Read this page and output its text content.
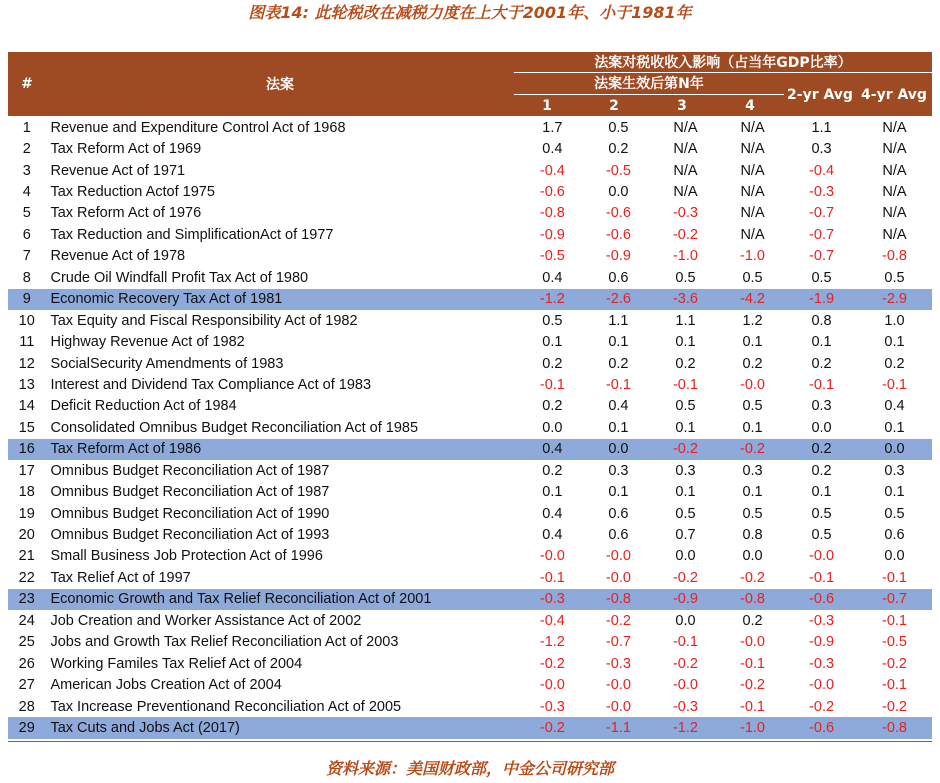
图表14: 此轮税改在减税力度在上大于2001年、小于1981年
#	法案
法案对税收收入影响（占当年GDP比率）
法案生效后第N年
1	2	3	4
2-yr Avg 4-yr Avg
1	Revenue and Expenditure Control Act of 1968	1.7	0.5	N/A	N/A	1.1	N/A
2	Tax Reform Act of 1969	0.4	0.2	N/A	N/A	0.3	N/A
3	Revenue Act of 1971	-0.4	-0.5	N/A	N/A	-0.4	N/A
4	Tax Reduction Actof 1975	-0.6	0.0	N/A	N/A	-0.3	N/A
5	Tax Reform Act of 1976	-0.8	-0.6	-0.3	N/A	-0.7	N/A
6	Tax Reduction and SimplificationAct of 1977	-0.9	-0.6	-0.2	N/A	-0.7	N/A
7	Revenue Act of 1978	-0.5	-0.9	-1.0	-1.0	-0.7	-0.8
8	Crude Oil Windfall Profit Tax Act of 1980	0.4	0.6	0.5	0.5	0.5	0.5
9	Economic Recovery Tax Act of 1981	-1.2	-2.6	-3.6	-4.2	-1.9	-2.9
10	Tax Equity and Fiscal Responsibility Act of 1982	0.5	1.1	1.1	1.2	0.8	1.0
11	Highway Revenue Act of 1982	0.1	0.1	0.1	0.1	0.1	0.1
12	SocialSecurity Amendments of 1983	0.2	0.2	0.2	0.2	0.2	0.2
13	Interest and Dividend Tax Compliance Act of 1983	-0.1	-0.1	-0.1	-0.0	-0.1	-0.1
14	Deficit Reduction Act of 1984	0.2	0.4	0.5	0.5	0.3	0.4
15	Consolidated Omnibus Budget Reconciliation Act of 1985	0.0	0.1	0.1	0.1	0.0	0.1
16	Tax Reform Act of 1986	0.4	0.0	-0.2	-0.2	0.2	0.0
17	Omnibus Budget Reconciliation Act of 1987	0.2	0.3	0.3	0.3	0.2	0.3
18	Omnibus Budget Reconciliation Act of 1987	0.1	0.1	0.1	0.1	0.1	0.1
19	Omnibus Budget Reconciliation Act of 1990	0.4	0.6	0.5	0.5	0.5	0.5
20	Omnibus Budget Reconciliation Act of 1993	0.4	0.6	0.7	0.8	0.5	0.6
21	Small Business Job Protection Act of 1996	-0.0	-0.0	0.0	0.0	-0.0	0.0
22	Tax Relief Act of 1997	-0.1	-0.0	-0.2	-0.2	-0.1	-0.1
23	Economic Growth and Tax Relief Reconciliation Act of 2001	-0.3	-0.8	-0.9	-0.8	-0.6	-0.7
24	Job Creation and Worker Assistance Act of 2002	-0.4	-0.2	0.0	0.2	-0.3	-0.1
25	Jobs and Growth Tax Relief Reconciliation Act of 2003	-1.2	-0.7	-0.1	-0.0	-0.9	-0.5
26	Working Familes Tax Relief Act of 2004	-0.2	-0.3	-0.2	-0.1	-0.3	-0.2
27	American Jobs Creation Act of 2004	-0.0	-0.0	-0.0	-0.2	-0.0	-0.1
28	Tax Increase Preventionand Reconciliation Act of 2005	-0.3	-0.0	-0.3	-0.1	-0.2	-0.2
29	Tax Cuts and Jobs Act (2017)	-0.2	-1.1	-1.2	-1.0	-0.6	-0.8
资料来源：美国财政部，中金公司研究部
